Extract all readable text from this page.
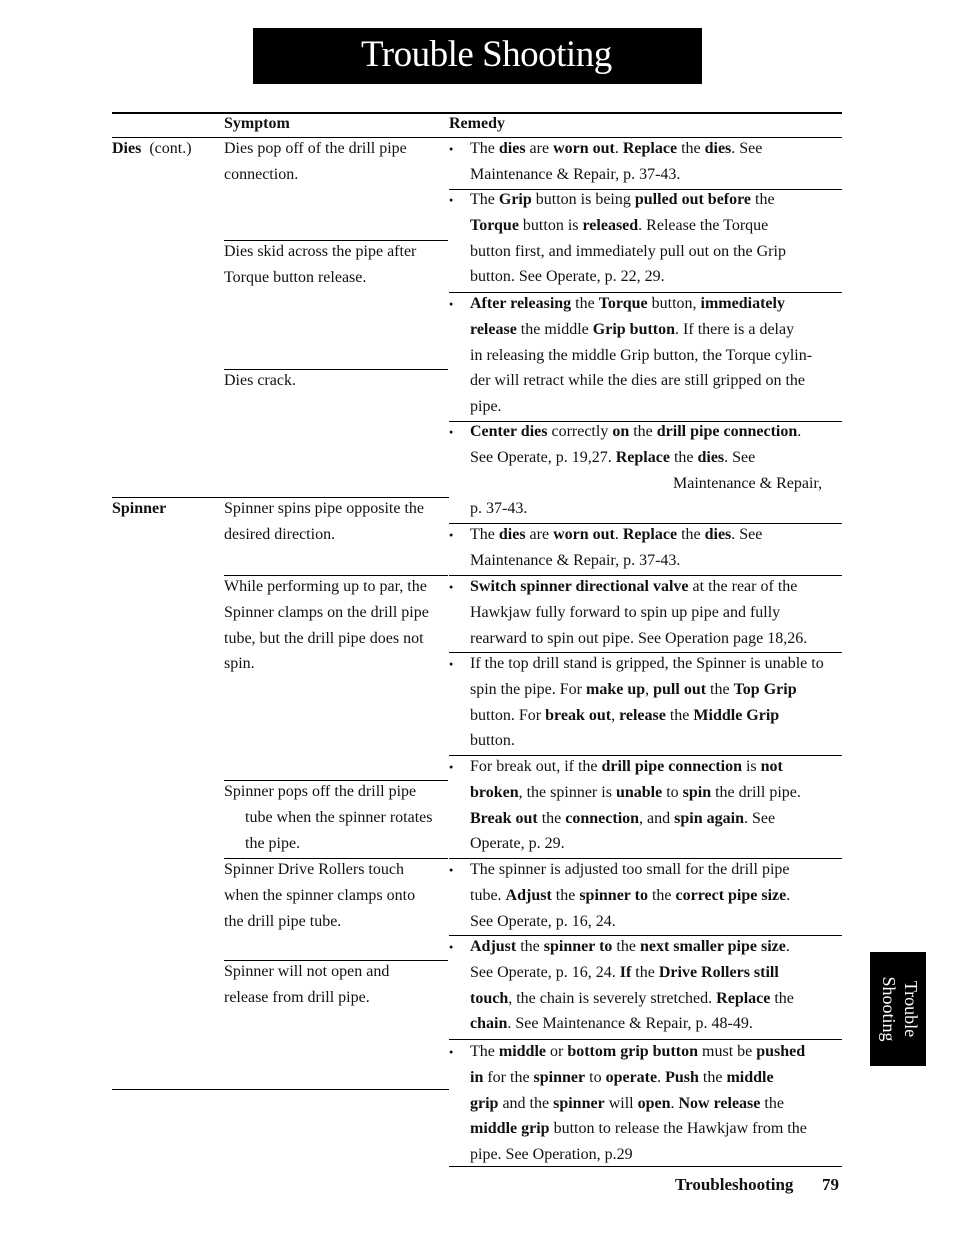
Trouble Shooting
Symptom	Remedy
Dies (cont.)
Spinner
Dies pop off of the drill pipe
connection.
Dies skid across the pipe after
Torque button release.
Dies crack.
Spinner spins pipe opposite the
desired direction.
While performing up to par, the
Spinner clamps on the drill pipe
tube, but the drill pipe does not
spin.
Spinner pops off the drill pipe
tube when the spinner rotates
the pipe.
Spinner Drive Rollers touch
when the spinner clamps onto
the drill pipe tube.
Spinner will not open and
release from drill pipe.
● The dies are worn out. Replace the dies. See
Maintenance & Repair, p. 37-43.
● The Grip button is being pulled out before the
Torque button is released. Release the Torque
button first, and immediately pull out on the Grip
button. See Operate, p. 22, 29.
● After releasing the Torque button, immediately
release the middle Grip button. If there is a delay
in releasing the middle Grip button, the Torque cylin-
der will retract while the dies are still gripped on the
pipe.
● Center dies correctly on the drill pipe connection.
See Operate, p. 19,27. Replace the dies. See
Maintenance & Repair,
p. 37-43.
● The dies are worn out. Replace the dies. See
Maintenance & Repair, p. 37-43.
● Switch spinner directional valve at the rear of the
Hawkjaw fully forward to spin up pipe and fully
rearward to spin out pipe. See Operation page 18,26.
● If the top drill stand is gripped, the Spinner is unable to
spin the pipe. For make up, pull out the Top Grip
button. For break out, release the Middle Grip
button.
● For break out, if the drill pipe connection is not
broken, the spinner is unable to spin the drill pipe.
Break out the connection, and spin again. See
Operate, p. 29.
● The spinner is adjusted too small for the drill pipe
tube. Adjust the spinner to the correct pipe size.
See Operate, p. 16, 24.
● Adjust the spinner to the next smaller pipe size.
See Operate, p. 16, 24. If the Drive Rollers still
touch, the chain is severely stretched. Replace the
chain. See Maintenance & Repair, p. 48-49.
● The middle or bottom grip button must be pushed
in for the spinner to operate. Push the middle
grip and the spinner will open. Now release the
middle grip button to release the Hawkjaw from the
pipe. See Operation, p.29
Trouble Shooting
Troubleshooting 79
